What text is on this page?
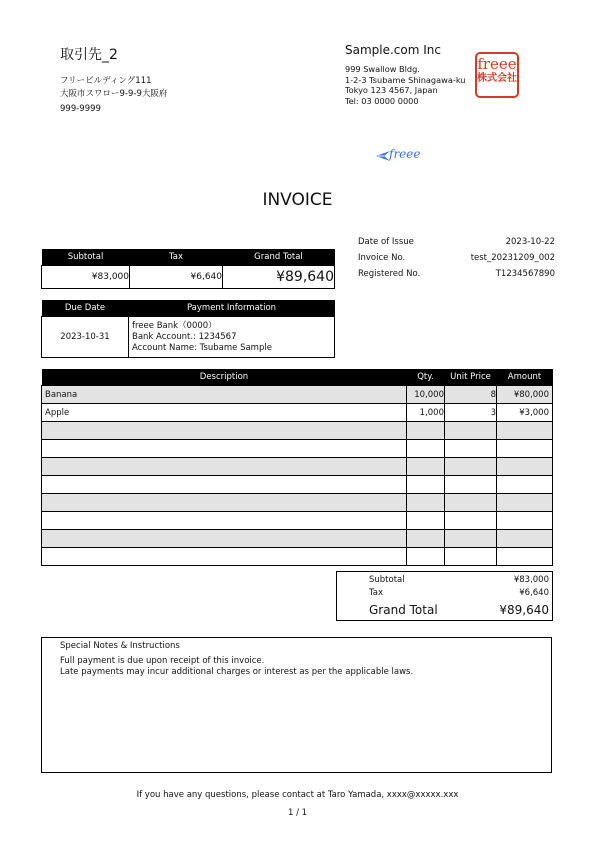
取引先_2
フリービルディング111
大阪市スワロー9-9-9大阪府
999-9999
Sample.com Inc
999 Swallow Bldg.
1-2-3 Tsubame Shinagawa-ku
Tokyo 123 4567, Japan
Tel: 03 0000 0000
freee
株式会社
freee
INVOICE
Date of Issue	2023-10-22
Invoice No.	test_20231209_002
Registered No.	T1234567890
Subtotal	Tax	Grand Total
¥83,000	¥6,640	¥89,640
Due Date	Payment Information
2023-10-31	freee Bank（0000）
Bank Account.: 1234567
Account Name: Tsubame Sample
Description	Qty.	Unit Price	Amount
Banana	10,000	8	¥80,000
Apple	1,000	3	¥3,000

Subtotal	¥83,000
Tax	¥6,640
Grand Total	¥89,640
Special Notes & Instructions
Full payment is due upon receipt of this invoice.
Late payments may incur additional charges or interest as per the applicable laws.
If you have any questions, please contact at Taro Yamada, xxxx@xxxxx.xxx
1 / 1
